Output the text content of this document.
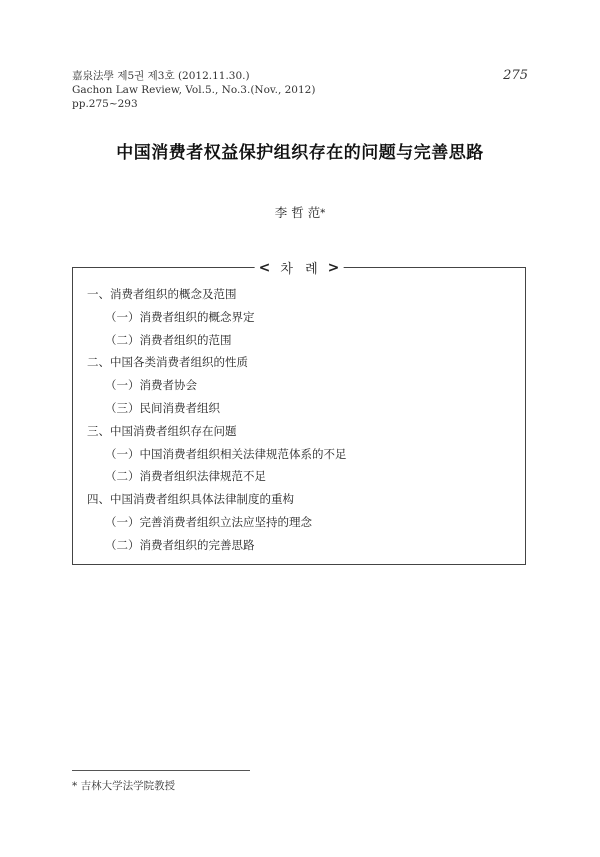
嘉泉法學 제5권 제3호 (2012.11.30.)
Gachon Law Review, Vol.5., No.3.(Nov., 2012)
pp.275~293
275
中国消费者权益保护组织存在的问题与完善思路
李 哲 范*
< 차 례 >
一、消费者组织的概念及范围
（一）消费者组织的概念界定
（二）消费者组织的范围
二、中国各类消费者组织的性质
（一）消费者协会
（三）民间消费者组织
三、中国消费者组织存在问题
（一）中国消费者组织相关法律规范体系的不足
（二）消费者组织法律规范不足
四、中国消费者组织具体法律制度的重构
（一）完善消费者组织立法应坚持的理念
（二）消费者组织的完善思路
* 吉林大学法学院教授
